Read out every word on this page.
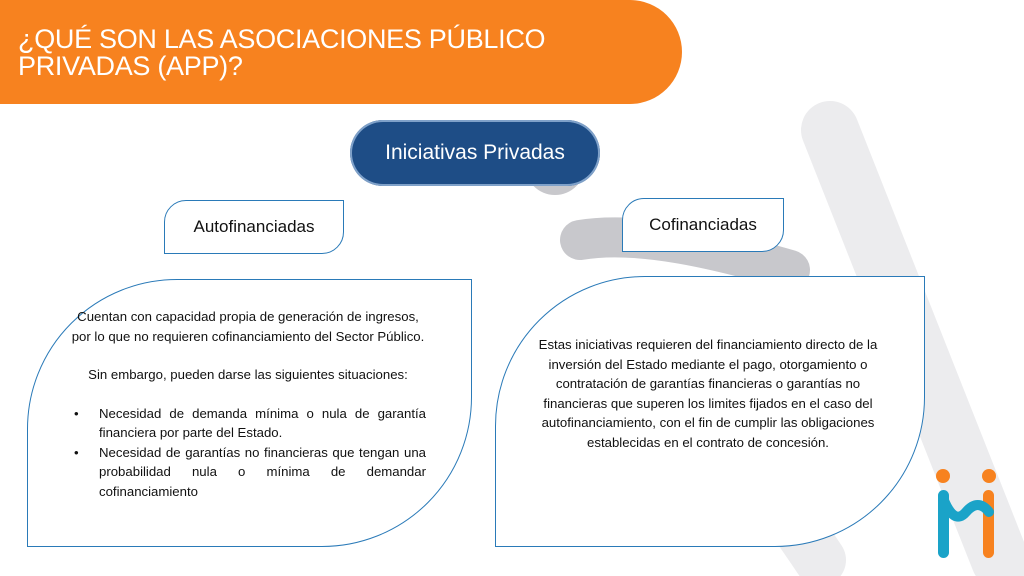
¿QUÉ SON LAS ASOCIACIONES PÚBLICO
PRIVADAS (APP)?
Iniciativas Privadas
Autofinanciadas	Cofinanciadas

Cuentan con capacidad propia de generación de ingresos, por lo que no requieren cofinanciamiento del Sector Público.

Sin embargo, pueden darse las siguientes situaciones:

• Necesidad de demanda mínima o nula de garantía financiera por parte del Estado.
• Necesidad de garantías no financieras que tengan una probabilidad nula o mínima de demandar cofinanciamiento
Estas iniciativas requieren del financiamiento directo de la inversión del Estado mediante el pago, otorgamiento o contratación de garantías financieras o garantías no financieras que superen los limites fijados en el caso del autofinanciamiento, con el fin de cumplir las obligaciones establecidas en el contrato de concesión.
